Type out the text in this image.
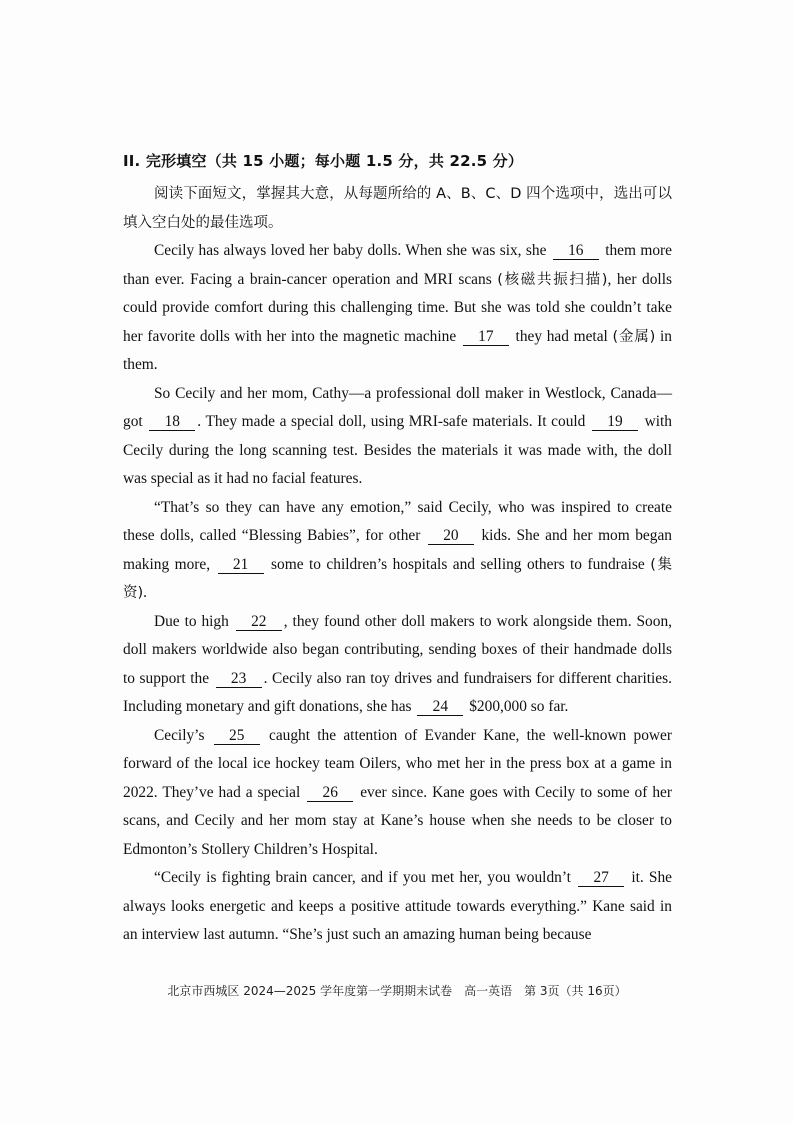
II. 完形填空（共 15 小题；每小题 1.5 分，共 22.5 分）

阅读下面短文，掌握其大意，从每题所给的 A、B、C、D 四个选项中，选出可以填入空白处的最佳选项。

Cecily has always loved her baby dolls. When she was six, she 16 them more than ever. Facing a brain-cancer operation and MRI scans (核磁共振扫描), her dolls could provide comfort during this challenging time. But she was told she couldn’t take her favorite dolls with her into the magnetic machine 17 they had metal (金属) in them.

So Cecily and her mom, Cathy—a professional doll maker in Westlock, Canada—got 18 . They made a special doll, using MRI-safe materials. It could 19 with Cecily during the long scanning test. Besides the materials it was made with, the doll was special as it had no facial features.

“That’s so they can have any emotion,” said Cecily, who was inspired to create these dolls, called “Blessing Babies”, for other 20 kids. She and her mom began making more, 21 some to children’s hospitals and selling others to fundraise (集资).

Due to high 22 , they found other doll makers to work alongside them. Soon, doll makers worldwide also began contributing, sending boxes of their handmade dolls to support the 23 . Cecily also ran toy drives and fundraisers for different charities. Including monetary and gift donations, she has 24 $200,000 so far.

Cecily’s 25 caught the attention of Evander Kane, the well-known power forward of the local ice hockey team Oilers, who met her in the press box at a game in 2022. They’ve had a special 26 ever since. Kane goes with Cecily to some of her scans, and Cecily and her mom stay at Kane’s house when she needs to be closer to Edmonton’s Stollery Children’s Hospital.

“Cecily is fighting brain cancer, and if you met her, you wouldn’t 27 it. She always looks energetic and keeps a positive attitude towards everything.” Kane said in an interview last autumn. “She’s just such an amazing human being because

北京市西城区 2024—2025 学年度第一学期期末试卷　高一英语　第 3页（共 16页）
